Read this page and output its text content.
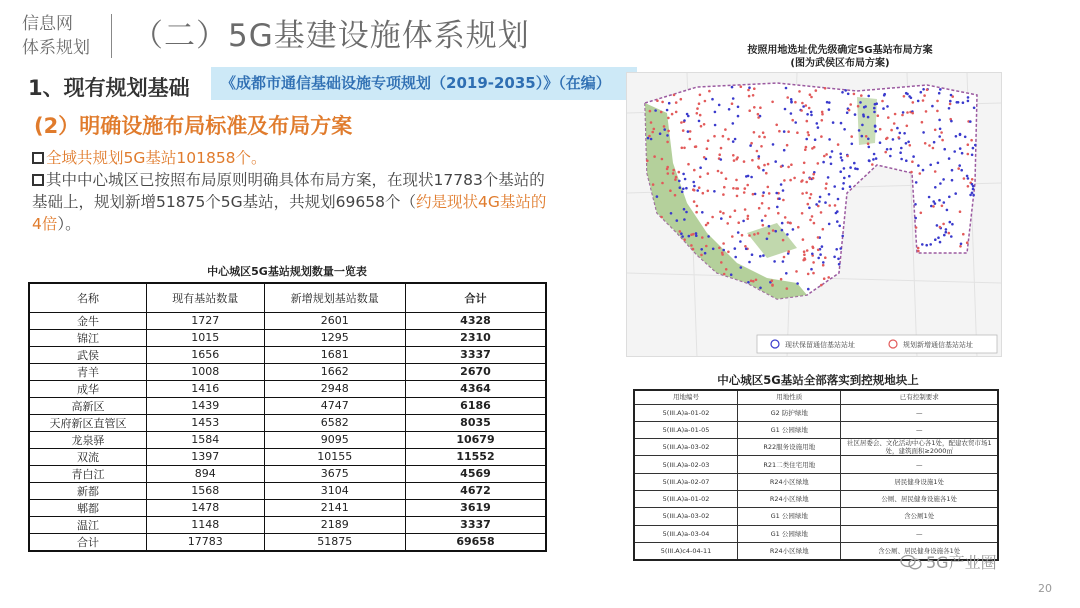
信息网
体系规划	（二）5G基建设施体系规划
1、现有规划基础	《成都市通信基础设施专项规划（2019-2035）》（在编）
(2）明确设施布局标准及布局方案

全域共规划5G基站101858个。

其中中心城区已按照布局原则明确具体布局方案，在现状17783个基站的基础上，规划新增51875个5G基站，共规划69658个（约是现状4G基站的4倍）。

中心城区5G基站规划数量一览表
名称	现有基站数量	新增规划基站数量	合计
金牛	1727	2601	4328
锦江	1015	1295	2310
武侯	1656	1681	3337
青羊	1008	1662	2670
成华	1416	2948	4364
高新区	1439	4747	6186
天府新区直管区	1453	6582	8035
龙泉驿	1584	9095	10679
双流	1397	10155	11552
青白江	894	3675	4569
新都	1568	3104	4672
郫都	1478	2141	3619
温江	1148	2189	3337
合计	17783	51875	69658
按照用地选址优先级确定5G基站布局方案
(图为武侯区布局方案)
现状保留通信基站站址	规划新增通信基站站址
中心城区5G基站全部落实到控规地块上
用地编号	用地性质	已有控制要求
5(III.A)a-01-02	G2 防护绿地	—
5(III.A)a-01-05	G1 公园绿地	—
5(III.A)a-03-02	R22服务设施用地	社区居委会、文化活动中心各1处，配建农贸市场1处，建筑面积≥2000㎡
5(III.A)a-02-03	R21二类住宅用地	—
5(III.A)a-02-07	R24小区绿地	居民健身设施1处
5(III.A)a-01-02	R24小区绿地	公厕、居民健身设施各1处
5(III.A)a-03-02	G1 公园绿地	含公厕1处
5(III.A)a-03-04	G1 公园绿地	—
5(III.A)c4-04-11	R24小区绿地	含公厕、居民健身设施各1处
5G产业圈
20
